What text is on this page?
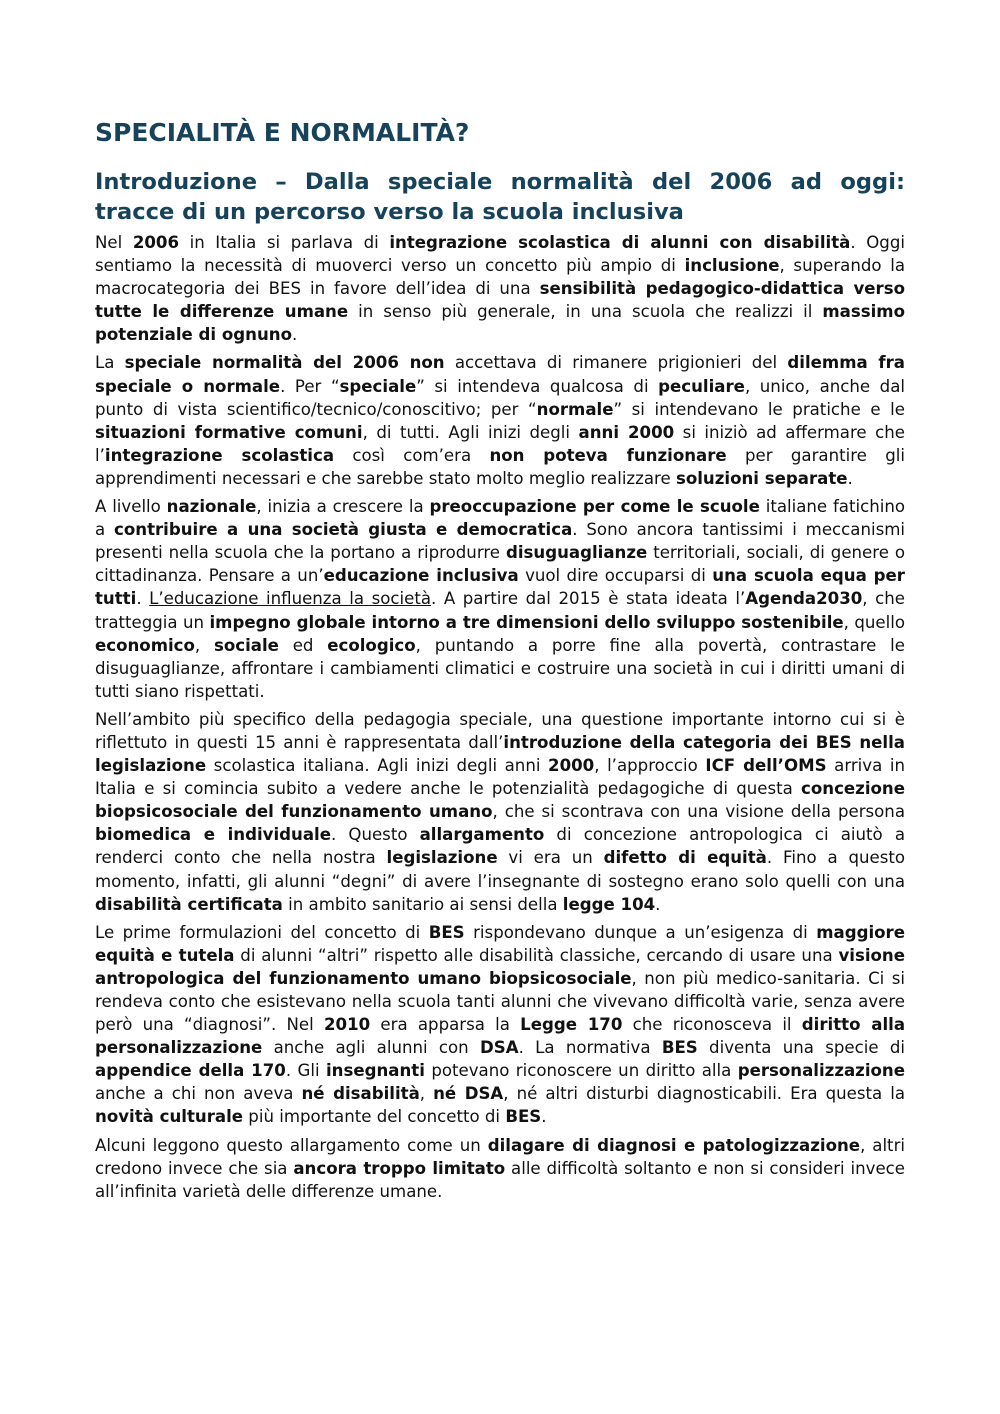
SPECIALITÀ E NORMALITÀ?
Introduzione – Dalla speciale normalità del 2006 ad oggi: tracce di un percorso verso la scuola inclusiva

Nel 2006 in Italia si parlava di integrazione scolastica di alunni con disabilità. Oggi sentiamo la necessità di muoverci verso un concetto più ampio di inclusione, superando la macrocategoria dei BES in favore dell’idea di una sensibilità pedagogico-didattica verso tutte le differenze umane in senso più generale, in una scuola che realizzi il massimo potenziale di ognuno.

La speciale normalità del 2006 non accettava di rimanere prigionieri del dilemma fra speciale o normale. Per “speciale” si intendeva qualcosa di peculiare, unico, anche dal punto di vista scientifico/tecnico/conoscitivo; per “normale” si intendevano le pratiche e le situazioni formative comuni, di tutti. Agli inizi degli anni 2000 si iniziò ad affermare che l’integrazione scolastica così com’era non poteva funzionare per garantire gli apprendimenti necessari e che sarebbe stato molto meglio realizzare soluzioni separate.

A livello nazionale, inizia a crescere la preoccupazione per come le scuole italiane fatichino a contribuire a una società giusta e democratica. Sono ancora tantissimi i meccanismi presenti nella scuola che la portano a riprodurre disuguaglianze territoriali, sociali, di genere o cittadinanza. Pensare a un’educazione inclusiva vuol dire occuparsi di una scuola equa per tutti. L’educazione influenza la società. A partire dal 2015 è stata ideata l’Agenda2030, che tratteggia un impegno globale intorno a tre dimensioni dello sviluppo sostenibile, quello economico, sociale ed ecologico, puntando a porre fine alla povertà, contrastare le disuguaglianze, affrontare i cambiamenti climatici e costruire una società in cui i diritti umani di tutti siano rispettati.

Nell’ambito più specifico della pedagogia speciale, una questione importante intorno cui si è riflettuto in questi 15 anni è rappresentata dall’introduzione della categoria dei BES nella legislazione scolastica italiana. Agli inizi degli anni 2000, l’approccio ICF dell’OMS arriva in Italia e si comincia subito a vedere anche le potenzialità pedagogiche di questa concezione biopsicosociale del funzionamento umano, che si scontrava con una visione della persona biomedica e individuale. Questo allargamento di concezione antropologica ci aiutò a renderci conto che nella nostra legislazione vi era un difetto di equità. Fino a questo momento, infatti, gli alunni “degni” di avere l’insegnante di sostegno erano solo quelli con una disabilità certificata in ambito sanitario ai sensi della legge 104.

Le prime formulazioni del concetto di BES rispondevano dunque a un’esigenza di maggiore equità e tutela di alunni “altri” rispetto alle disabilità classiche, cercando di usare una visione antropologica del funzionamento umano biopsicosociale, non più medico-sanitaria. Ci si rendeva conto che esistevano nella scuola tanti alunni che vivevano difficoltà varie, senza avere però una “diagnosi”. Nel 2010 era apparsa la Legge 170 che riconosceva il diritto alla personalizzazione anche agli alunni con DSA. La normativa BES diventa una specie di appendice della 170. Gli insegnanti potevano riconoscere un diritto alla personalizzazione anche a chi non aveva né disabilità, né DSA, né altri disturbi diagnosticabili. Era questa la novità culturale più importante del concetto di BES.

Alcuni leggono questo allargamento come un dilagare di diagnosi e patologizzazione, altri credono invece che sia ancora troppo limitato alle difficoltà soltanto e non si consideri invece all’infinita varietà delle differenze umane.
